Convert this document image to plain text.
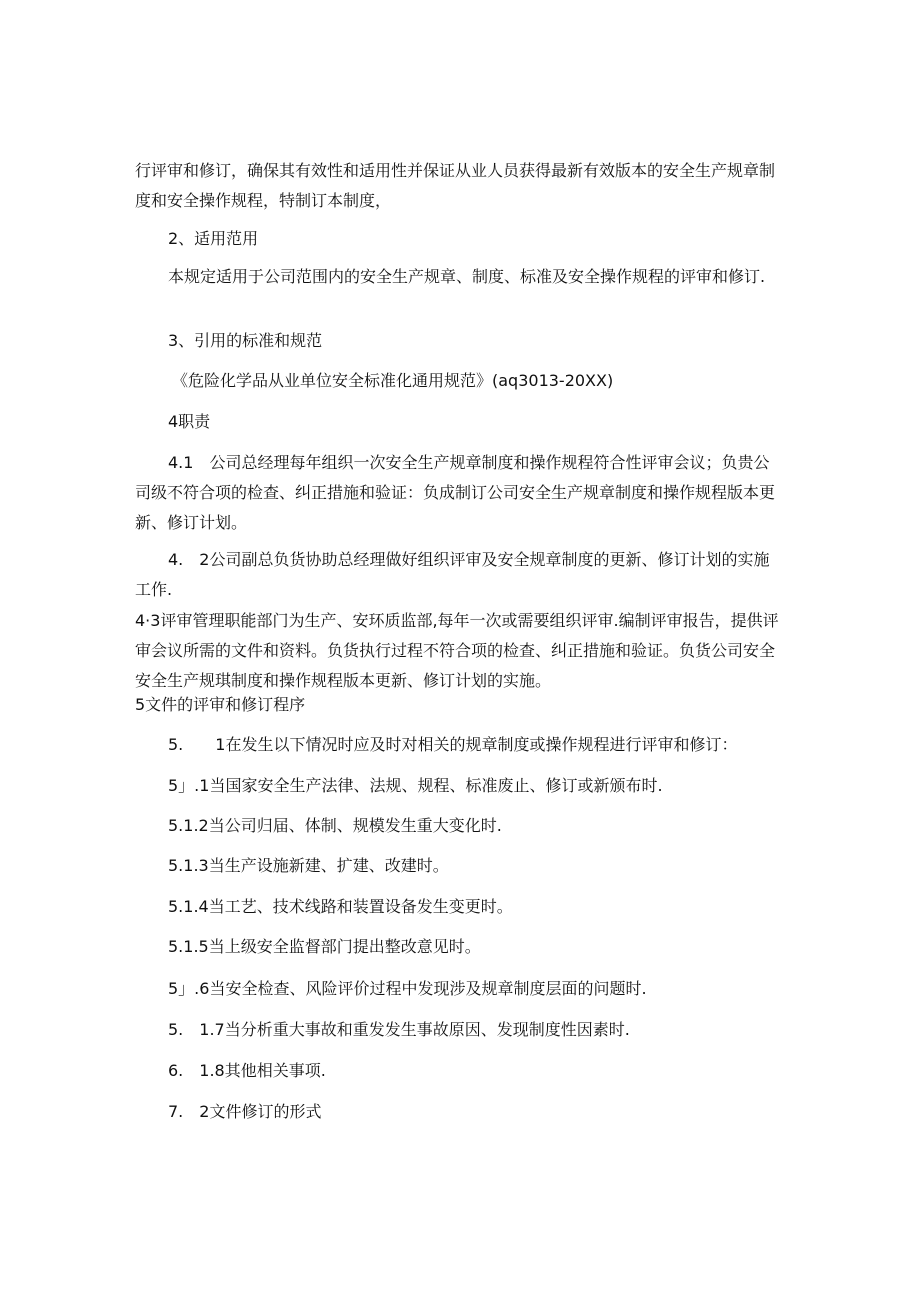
行评审和修订，确保其有效性和适用性并保证从业人员获得最新有效版本的安全生产规章制度和安全操作规程，特制订本制度，
2、适用范用
本规定适用于公司范围内的安全生产规章、制度、标准及安全操作规程的评审和修订.
3、引用的标准和规范
《危险化学品从业单位安全标准化通用规范》(aq3013-20XX)
4职责
4.1　公司总经理每年组织一次安全生产规章制度和操作规程符合性评审会议；负贵公司级不符合项的检查、纠正措施和验证：负成制订公司安全生产规章制度和操作规程版本更新、修订计划。
4.　2公司副总负货协助总经理做好组织评审及安全规章制度的更新、修订计划的实施工作.
4·3评审管理职能部门为生产、安环质监部,每年一次或需要组织评审.编制评审报告，提供评审会议所需的文件和资料。负货执行过程不符合项的检查、纠正措施和验证。负货公司安全安全生产规琪制度和操作规程版本更新、修订计划的实施。
5文件的评审和修订程序
5.　　1在发生以下情况时应及时对相关的规章制度或操作规程进行评审和修订：
5」.1当国家安全生产法律、法规、规程、标准废止、修订或新颁布时.
5.1.2当公司归届、体制、规模发生重大变化时.
5.1.3当生产设施新建、扩建、改建时。
5.1.4当工艺、技术线路和装置设备发生变更时。
5.1.5当上级安全监督部门提出整改意见时。
5」.6当安全检查、风险评价过程中发现涉及规章制度层面的问题时.
5.　1.7当分析重大事故和重发发生事故原因、发现制度性因素时.
6.　1.8其他相关事项.
7.　2文件修订的形式
